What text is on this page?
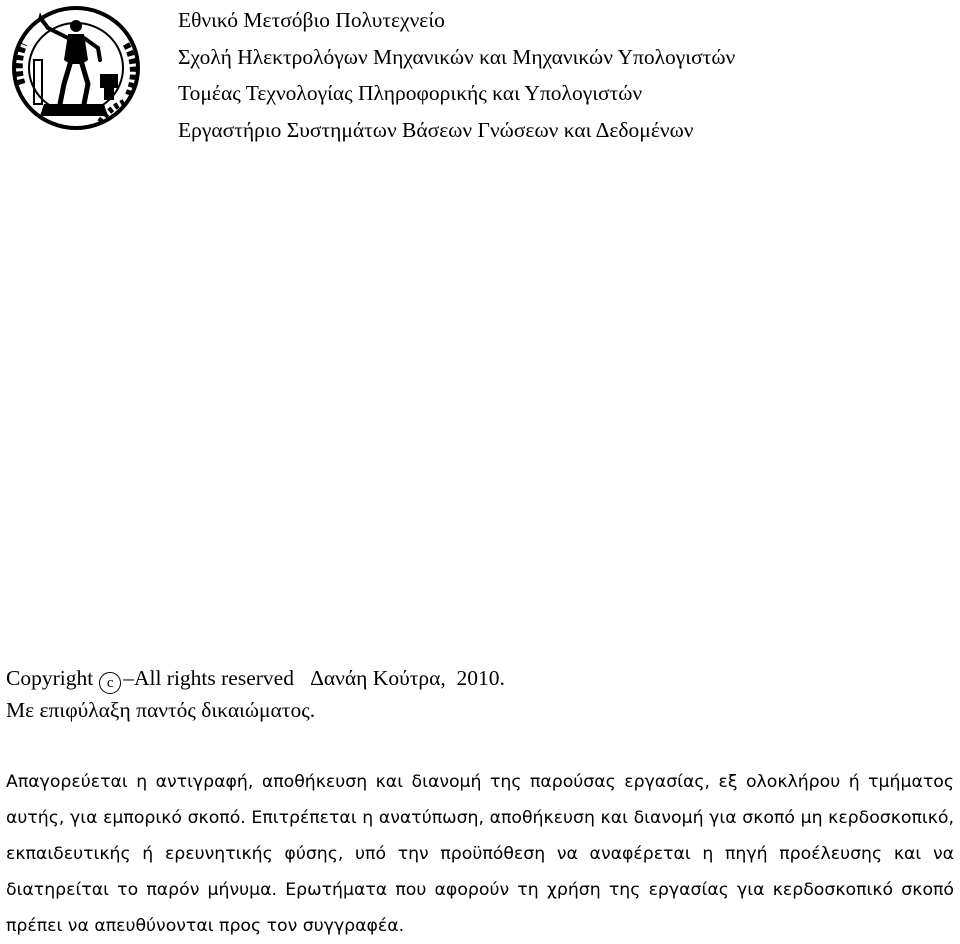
Εθνικό Μετσόβιο Πολυτεχνείο
Σχολή Ηλεκτρολόγων Μηχανικών και Μηχανικών Υπολογιστών
Τομέας Τεχνολογίας Πληροφορικής και Υπολογιστών
Εργαστήριο Συστημάτων Βάσεων Γνώσεων και Δεδομένων
Copyright c –All rights reserved Δανάη Κούτρα, 2010.
Με επιφύλαξη παντός δικαιώματος.
Απαγορεύεται η αντιγραφή, αποθήκευση και διανομή της παρούσας εργασίας, εξ ολοκλήρου ή τμήματος αυτής, για εμπορικό σκοπό. Επιτρέπεται η ανατύπωση, αποθήκευση και διανομή για σκοπό μη κερδοσκοπικό, εκπαιδευτικής ή ερευνητικής φύσης, υπό την προϋπόθεση να αναφέρεται η πηγή προέλευσης και να διατηρείται το παρόν μήνυμα. Ερωτήματα που αφορούν τη χρήση της εργασίας για κερδοσκοπικό σκοπό πρέπει να απευθύνονται προς τον συγγραφέα.
